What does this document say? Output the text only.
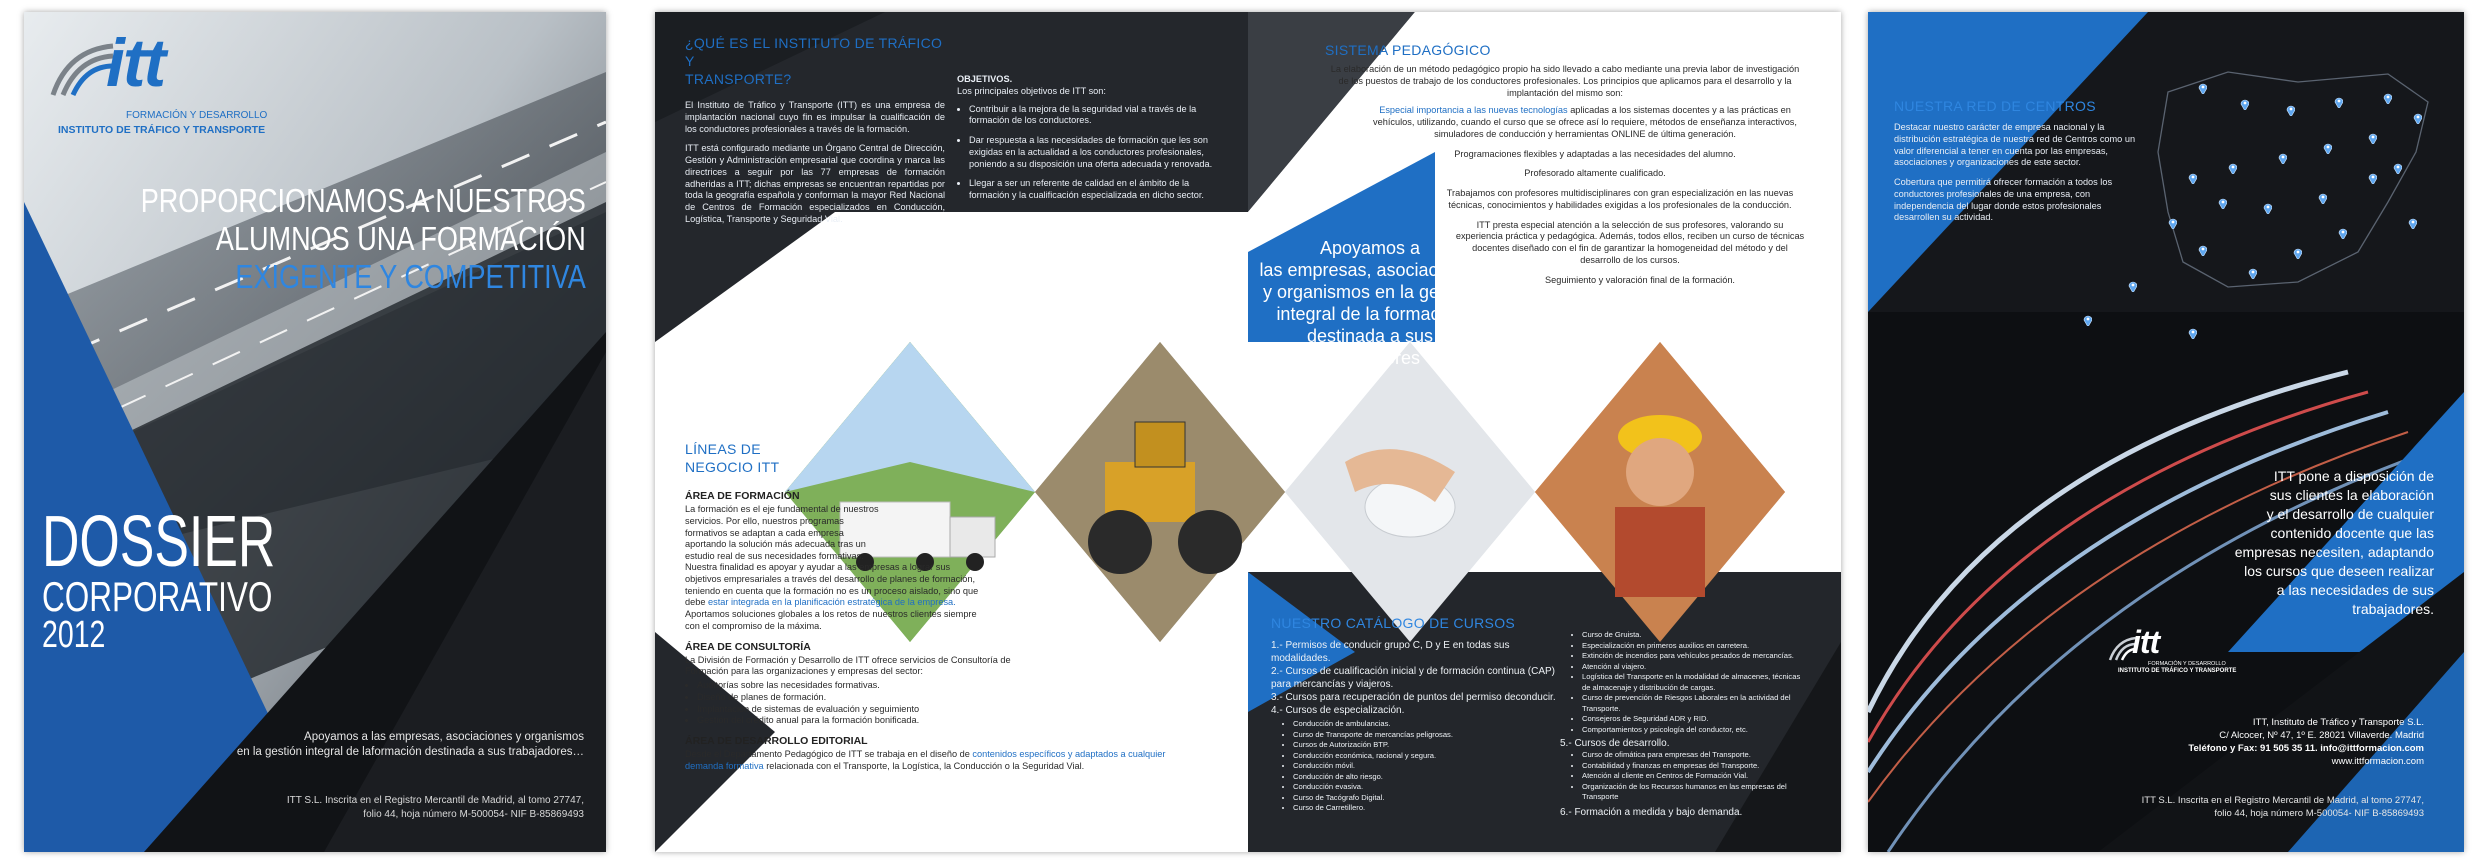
itt
FORMACIÓN Y DESARROLLO
INSTITUTO DE TRÁFICO Y TRANSPORTE
PROPORCIONAMOS A NUESTROS
ALUMNOS UNA FORMACIÓN
EXIGENTE Y COMPETITIVA
DOSSIER
CORPORATIVO
2012
Apoyamos a las empresas, asociaciones y organismos
en la gestión integral de laformación destinada a sus trabajadores…
ITT S.L. Inscrita en el Registro Mercantil de Madrid, al tomo 27747,
folio 44, hoja número M-500054- NIF B-85869493
¿QUÉ ES EL INSTITUTO DE TRÁFICO Y
TRANSPORTE?
El Instituto de Tráfico y Transporte (ITT) es una empresa de implantación nacional cuyo fin es impulsar la cualificación de los conductores profesionales a través de la formación.
ITT está configurado mediante un Órgano Central de Dirección, Gestión y Administración empresarial que coordina y marca las directrices a seguir por las 77 empresas de formación adheridas a ITT; dichas empresas se encuentran repartidas por toda la geografía española y conforman la mayor Red Nacional de Centros de Formación especializados en Conducción, Logística, Transporte y Seguridad Vial.
OBJETIVOS.
Los principales objetivos de ITT son:
• Contribuir a la mejora de la seguridad vial a través de la formación de los conductores.
• Dar respuesta a las necesidades de formación que les son exigidas en la actualidad a los conductores profesionales, poniendo a su disposición una oferta adecuada y renovada.
• Llegar a ser un referente de calidad en el ámbito de la formación y la cualificación especializada en dicho sector.
LÍNEAS DE
NEGOCIO ITT
ÁREA DE FORMACIÓN
La formación es el eje fundamental de nuestros servicios. Por ello, nuestros programas formativos se adaptan a cada empresa aportando la solución más adecuada tras un estudio real de sus necesidades formativas.
Nuestra finalidad es apoyar y ayudar a las empresas a lograr sus objetivos empresariales a través del desarrollo de planes de formación, teniendo en cuenta que la formación no es un proceso aislado, sino que debe estar integrada en la planificación estratégica de la empresa. Aportamos soluciones globales a los retos de nuestros clientes siempre con el compromiso de la máxima.
ÁREA DE CONSULTORÍA
La División de Formación y Desarrollo de ITT ofrece servicios de Consultoría de Formación para las organizaciones y empresas del sector:
• Auditorías sobre las necesidades formativas.
• Diseño de planes de formación.
• Implantación de sistemas de evaluación y seguimiento
• Gestión del crédito anual para la formación bonificada.
ÁREA DE DESARROLLO EDITORIAL
Desde el Departamento Pedagógico de ITT se trabaja en el diseño de contenidos específicos y adaptados a cualquier demanda formativa relacionada con el Transporte, la Logística, la Conducción o la Seguridad Vial.
SISTEMA PEDAGÓGICO
La elaboración de un método pedagógico propio ha sido llevado a cabo mediante una previa labor de investigación de los puestos de trabajo de los conductores profesionales. Los principios que aplicamos para el desarrollo y la implantación del mismo son:
Especial importancia a las nuevas tecnologías aplicadas a los sistemas docentes y a las prácticas en vehículos, utilizando, cuando el curso que se ofrece así lo requiere, métodos de enseñanza interactivos, simuladores de conducción y herramientas ONLINE de última generación.
Programaciones flexibles y adaptadas a las necesidades del alumno.
Profesorado altamente cualificado.
Trabajamos con profesores multidisciplinares con gran especialización en las nuevas técnicas, conocimientos y habilidades exigidas a los profesionales de la conducción.
ITT presta especial atención a la selección de sus profesores, valorando su experiencia práctica y pedagógica. Además, todos ellos, reciben un curso de técnicas docentes diseñado con el fin de garantizar la homogeneidad del método y del desarrollo de los cursos.
Seguimiento y valoración final de la formación.
Apoyamos a
las empresas, asociaciones
y organismos en la gestión
integral de la formación
destinada a sus
trabajadores
NUESTRO CATÁLOGO DE CURSOS
1.- Permisos de conducir grupo C, D y E en todas sus modalidades.
2.- Cursos de cualificación inicial y de formación continua (CAP) para mercancías y viajeros.
3.- Cursos para recuperación de puntos del permiso deconducir.
4.- Cursos de especialización.
• Conducción de ambulancias.
• Curso de Transporte de mercancías peligrosas.
• Cursos de Autorización BTP.
• Conducción económica, racional y segura.
• Conducción móvil.
• Conducción de alto riesgo.
• Conducción evasiva.
• Curso de Tacógrafo Digital.
• Curso de Carretillero.
• Curso de Gruista.
• Especialización en primeros auxilios en carretera.
• Extinción de incendios para vehículos pesados de mercancías.
• Atención al viajero.
• Logística del Transporte en la modalidad de almacenes, técnicas de almacenaje y distribución de cargas.
• Curso de prevención de Riesgos Laborales en la actividad del Transporte.
• Consejeros de Seguridad ADR y RID.
• Comportamientos y psicología del conductor, etc.
5.- Cursos de desarrollo.
• Curso de ofimática para empresas del Transporte.
• Contabilidad y finanzas en empresas del Transporte.
• Atención al cliente en Centros de Formación Vial.
• Organización de los Recursos humanos en las empresas del Transporte
6.- Formación a medida y bajo demanda.
NUESTRA RED DE CENTROS
Destacar nuestro carácter de empresa nacional y la distribución estratégica de nuestra red de Centros como un valor diferencial a tener en cuenta por las empresas, asociaciones y organizaciones de este sector.
Cobertura que permitirá ofrecer formación a todos los conductores profesionales de una empresa, con independencia del lugar donde estos profesionales desarrollen su actividad.
ITT pone a disposición de
sus clientes la elaboración
y el desarrollo de cualquier
contenido docente que las
empresas necesiten, adaptando
los cursos que deseen realizar
a las necesidades de sus
trabajadores.
itt
FORMACIÓN Y DESARROLLO
INSTITUTO DE TRÁFICO Y TRANSPORTE
ITT, Instituto de Tráfico y Transporte S.L.
C/ Alcocer, Nº 47, 1º E. 28021 Villaverde. Madrid
Teléfono y Fax: 91 505 35 11. info@ittformacion.com
www.ittformacion.com
ITT S.L. Inscrita en el Registro Mercantil de Madrid, al tomo 27747,
folio 44, hoja número M-500054- NIF B-85869493
